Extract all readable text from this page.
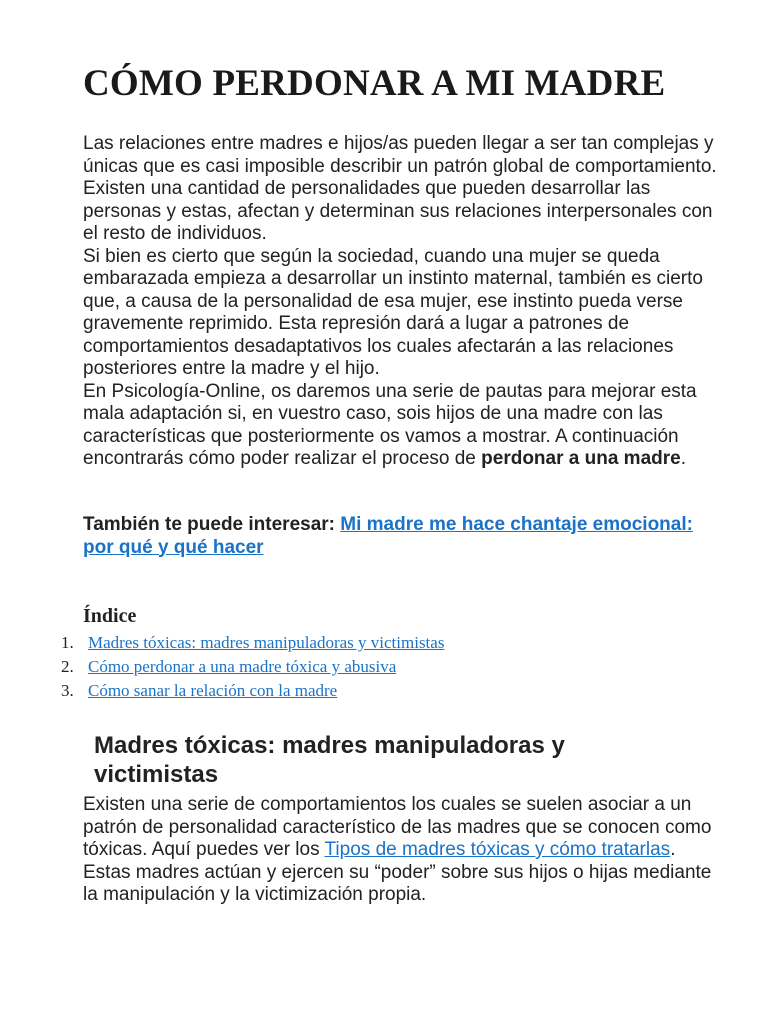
CÓMO PERDONAR A MI MADRE

Las relaciones entre madres e hijos/as pueden llegar a ser tan complejas y únicas que es casi imposible describir un patrón global de comportamiento. Existen una cantidad de personalidades que pueden desarrollar las personas y estas, afectan y determinan sus relaciones interpersonales con el resto de individuos.

Si bien es cierto que según la sociedad, cuando una mujer se queda embarazada empieza a desarrollar un instinto maternal, también es cierto que, a causa de la personalidad de esa mujer, ese instinto pueda verse gravemente reprimido. Esta represión dará a lugar a patrones de comportamientos desadaptativos los cuales afectarán a las relaciones posteriores entre la madre y el hijo.

En Psicología-Online, os daremos una serie de pautas para mejorar esta mala adaptación si, en vuestro caso, sois hijos de una madre con las características que posteriormente os vamos a mostrar. A continuación encontrarás cómo poder realizar el proceso de perdonar a una madre.

También te puede interesar: Mi madre me hace chantaje emocional: por qué y qué hacer
Índice
1. Madres tóxicas: madres manipuladoras y victimistas
2. Cómo perdonar a una madre tóxica y abusiva
3. Cómo sanar la relación con la madre
Madres tóxicas: madres manipuladoras y victimistas

Existen una serie de comportamientos los cuales se suelen asociar a un patrón de personalidad característico de las madres que se conocen como tóxicas. Aquí puedes ver los Tipos de madres tóxicas y cómo tratarlas.

Estas madres actúan y ejercen su “poder” sobre sus hijos o hijas mediante la manipulación y la victimización propia.
